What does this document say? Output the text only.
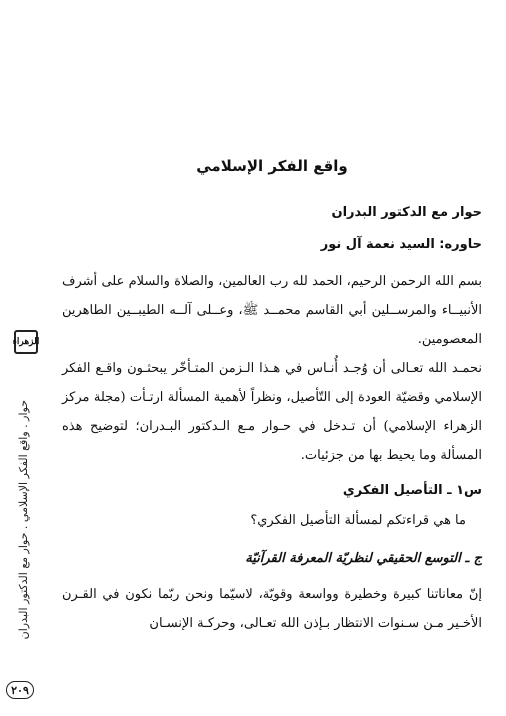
الزهراء
حوار . واقع الفكر الإسلامي . حوار مع الدكتور البدران
٢٠٩
واقع الفكر الإسلامي
حوار مع الدكتور البدران
حاوره: السيد نعمة آل نور

بسم الله الرحمن الرحيم، الحمد لله رب العالمين، والصلاة والسلام على أشرف الأنبيــاء والمرســلين أبي القاسم محمــد ﷺ، وعــلى آلــه الطيبــين الطاهرين المعصومين.

نحمـد الله تعـالى أن وُجـد أُنـاس في هـذا الـزمن المتـأخّر يبحثـون واقـع الفكر الإسلامي وقضيّة العودة إلى التّأصيل، ونظراً لأهمية المسألة ارتـأت (مجلة مركز الزهراء الإسلامي) أن تـدخل في حـوار مـع الـدكتور البـدران؛ لتوضيح هذه المسألة وما يحيط بها من جزئيات.

س١ ـ التأصيل الفكري
ما هي قراءتكم لمسألة التأصيل الفكري؟
ج ـ التوسع الحقيقي لنظريّة المعرفة القرآنيّة

إنّ معاناتنا كبيرة وخطيرة وواسعة وقويّة، لاسيّما ونحن ربّما نكون في القـرن الأخـير مـن سـنوات الانتظار بـإذن الله تعـالى، وحركـة الإنسـان
